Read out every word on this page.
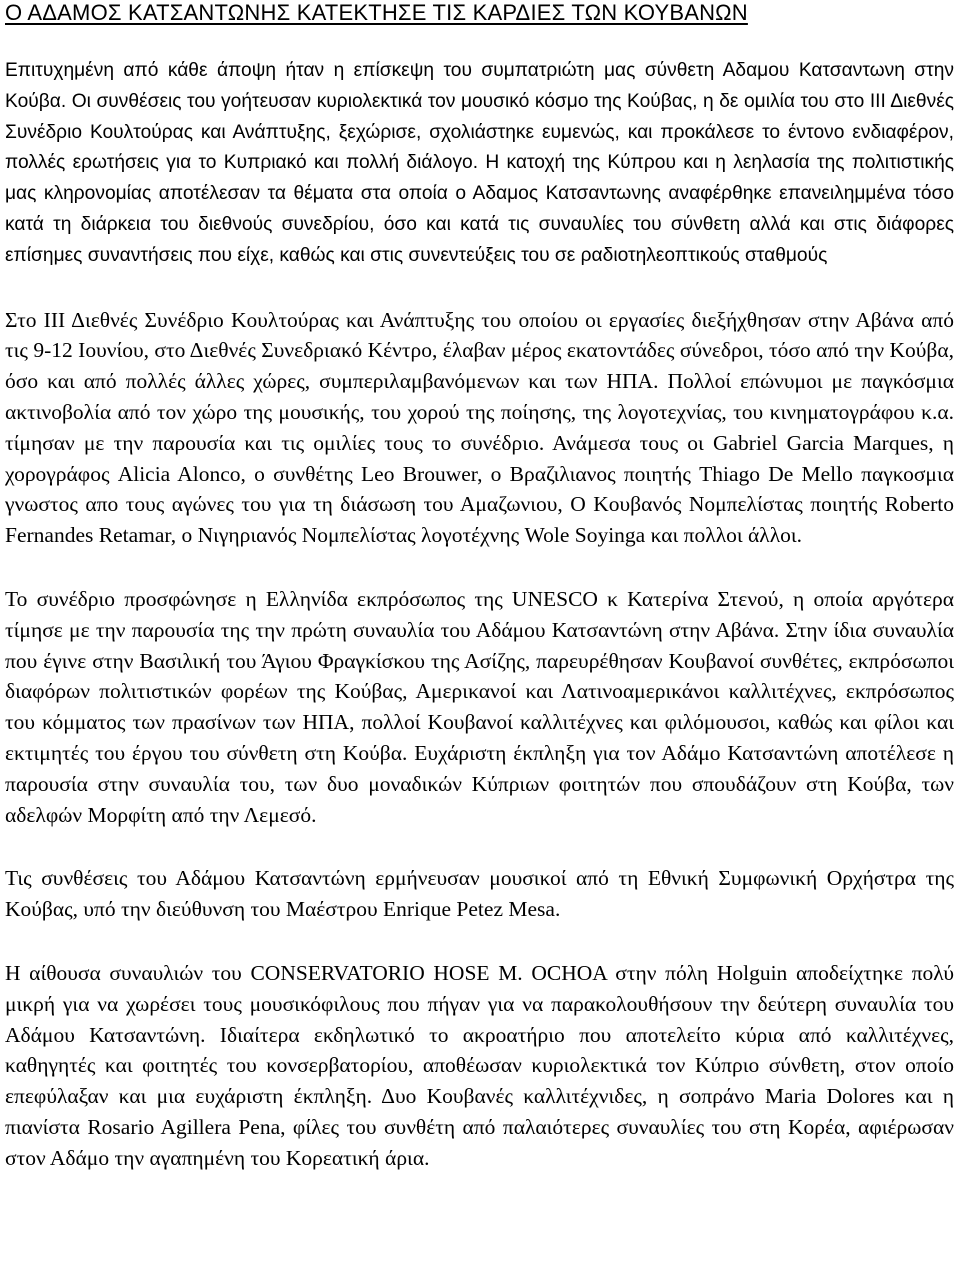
Ο ΑΔΑΜΟΣ ΚΑΤΣΑΝΤΩΝΗΣ ΚΑΤΕΚΤΗΣΕ ΤΙΣ ΚΑΡΔΙΕΣ ΤΩΝ ΚΟΥΒΑΝΩΝ

Επιτυχημένη από κάθε άποψη ήταν η επίσκεψη του συμπατριώτη μας σύνθετη Αδαμου Κατσαντωνη στην Κούβα. Οι συνθέσεις του γοήτευσαν κυριολεκτικά τον μουσικό κόσμο της Κούβας, η δε ομιλία του στο ΙΙΙ Διεθνές Συνέδριο Κουλτούρας και Ανάπτυξης, ξεχώρισε, σχολιάστηκε ευμενώς, και προκάλεσε το έντονο ενδιαφέρον, πολλές ερωτήσεις για το Κυπριακό και πολλή διάλογο. Η κατοχή της Κύπρου και η λεηλασία της πολιτιστικής μας κληρονομίας αποτέλεσαν τα θέματα στα οποία ο Αδαμος Κατσαντωνης αναφέρθηκε επανειλημμένα τόσο κατά τη διάρκεια του διεθνούς συνεδρίου, όσο και κατά τις συναυλίες του σύνθετη αλλά και στις διάφορες επίσημες συναντήσεις που είχε, καθώς και στις συνεντεύξεις του σε ραδιοτηλεοπτικούς σταθμούς

Στο ΙΙΙ Διεθνές Συνέδριο Κουλτούρας και Ανάπτυξης του οποίου οι εργασίες διεξήχθησαν στην Αβάνα από τις 9-12 Ιουνίου, στο Διεθνές Συνεδριακό Κέντρο, έλαβαν μέρος εκατοντάδες σύνεδροι, τόσο από την Κούβα, όσο και από πολλές άλλες χώρες, συμπεριλαμβανόμενων και των ΗΠΑ. Πολλοί επώνυμοι με παγκόσμια ακτινοβολία από τον χώρο της μουσικής, του χορού της ποίησης, της λογοτεχνίας, του κινηματογράφου κ.α. τίμησαν με την παρουσία και τις ομιλίες τους το συνέδριο. Ανάμεσα τους οι Gabriel Garcia Marques, η χορογράφος Alicia Alonco, ο συνθέτης Leo Brouwer, ο Βραζιλιανος ποιητής Thiago De Mello παγκοσμια γνωστος απο τους αγώνες του για τη διάσωση του Αμαζωνιου, Ο Κουβανός Νομπελίστας ποιητής Roberto Fernandes Retamar, ο Νιγηριανός Νομπελίστας λογοτέχνης Wole Soyinga και πολλοι άλλοι.

Το συνέδριο προσφώνησε η Ελληνίδα εκπρόσωπος της UNESCO κ Κατερίνα Στενού, η οποία αργότερα τίμησε με την παρουσία της την πρώτη συναυλία του Αδάμου Κατσαντώνη στην Αβάνα. Στην ίδια συναυλία που έγινε στην Βασιλική του Άγιου Φραγκίσκου της Ασίζης, παρευρέθησαν Κουβανοί συνθέτες, εκπρόσωποι διαφόρων πολιτιστικών φορέων της Κούβας, Αμερικανοί και Λατινοαμερικάνοι καλλιτέχνες, εκπρόσωπος του κόμματος των πρασίνων των ΗΠΑ, πολλοί Κουβανοί καλλιτέχνες και φιλόμουσοι, καθώς και φίλοι και εκτιμητές του έργου του σύνθετη στη Κούβα. Ευχάριστη έκπληξη για τον Αδάμο Κατσαντώνη αποτέλεσε η παρουσία στην συναυλία του, των δυο μοναδικών Κύπριων φοιτητών που σπουδάζουν στη Κούβα, των αδελφών Μορφίτη από την Λεμεσό.

Τις συνθέσεις του Αδάμου Κατσαντώνη ερμήνευσαν μουσικοί από τη Εθνική Συμφωνική Ορχήστρα της Κούβας, υπό την διεύθυνση του Μαέστρου Enrique Petez Mesa.

Η αίθουσα συναυλιών του CONSERVATORIO HOSE M. OCHOA στην πόλη Holguin αποδείχτηκε πολύ μικρή για να χωρέσει τους μουσικόφιλους που πήγαν για να παρακολουθήσουν την δεύτερη συναυλία του Αδάμου Κατσαντώνη. Ιδιαίτερα εκδηλωτικό το ακροατήριο που αποτελείτο κύρια από καλλιτέχνες, καθηγητές και φοιτητές του κονσερβατορίου, αποθέωσαν κυριολεκτικά τον Κύπριο σύνθετη, στον οποίο επεφύλαξαν και μια ευχάριστη έκπληξη. Δυο Κουβανές καλλιτέχνιδες, η σοπράνο Maria Dolores και η πιανίστα Rosario Agillera Pena, φίλες του συνθέτη από παλαιότερες συναυλίες του στη Κορέα, αφιέρωσαν στον Αδάμο την αγαπημένη του Κορεατική άρια.
